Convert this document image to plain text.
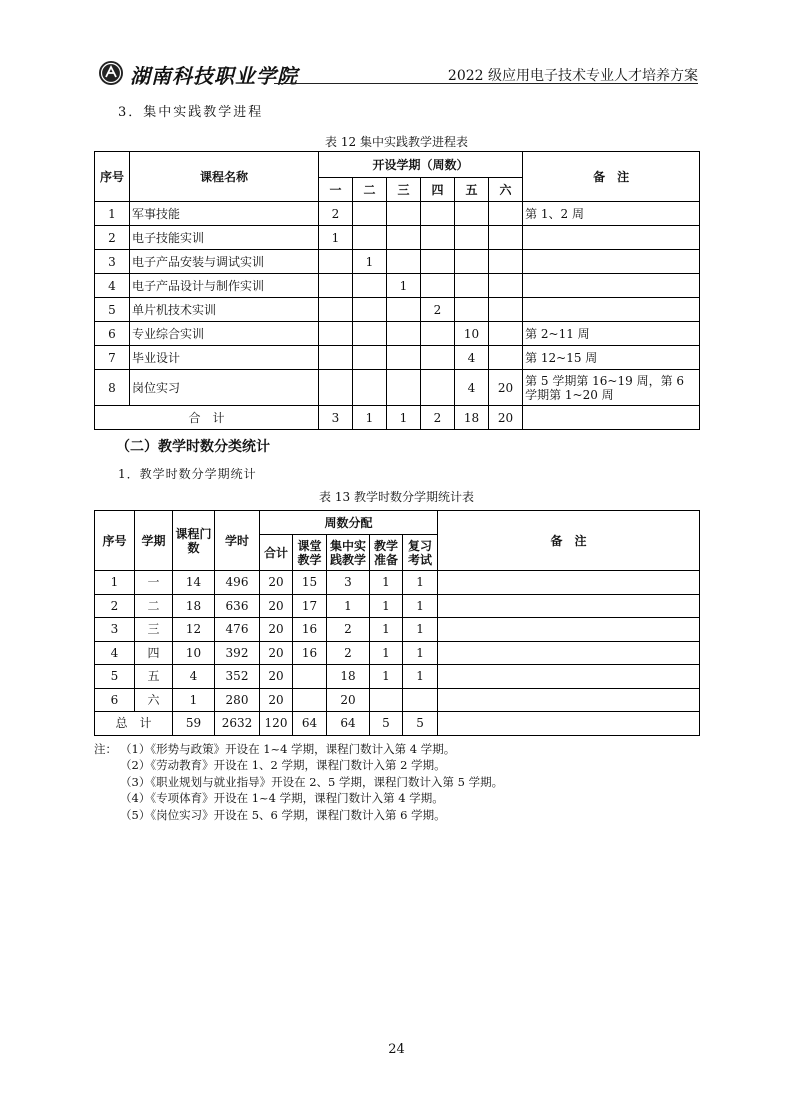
湖南科技职业学院	2022 级应用电子技术专业人才培养方案
3．集中实践教学进程
表 12 集中实践教学进程表
序号	课程名称	开设学期（周数）						备　注
		一	二	三	四	五	六	
1	军事技能	2						第 1、2 周
2	电子技能实训	1						
3	电子产品安装与调试实训		1					
4	电子产品设计与制作实训			1				
5	单片机技术实训				2			
6	专业综合实训					10		第 2~11 周
7	毕业设计					4		第 12~15 周
8	岗位实习					4	20	第 5 学期第 16~19 周，第 6 学期第 1~20 周
合　计		3	1	1	2	18	20	
（二）教学时数分类统计
1．教学时数分学期统计
表 13 教学时数分学期统计表
序号	学期	课程门数	学时	周数分配					备　注
				合计	课堂教学	集中实践教学	教学准备	复习考试	
1	一	14	496	20	15	3	1	1	
2	二	18	636	20	17	1	1	1	
3	三	12	476	20	16	2	1	1	
4	四	10	392	20	16	2	1	1	
5	五	4	352	20		18	1	1	
6	六	1	280	20		20			
总　计		59	2632	120	64	64	5	5	
注： （1）《形势与政策》开设在 1~4 学期，课程门数计入第 4 学期。
（2）《劳动教育》开设在 1、2 学期，课程门数计入第 2 学期。
（3）《职业规划与就业指导》开设在 2、5 学期，课程门数计入第 5 学期。
（4）《专项体育》开设在 1~4 学期，课程门数计入第 4 学期。
（5）《岗位实习》开设在 5、6 学期，课程门数计入第 6 学期。
24
